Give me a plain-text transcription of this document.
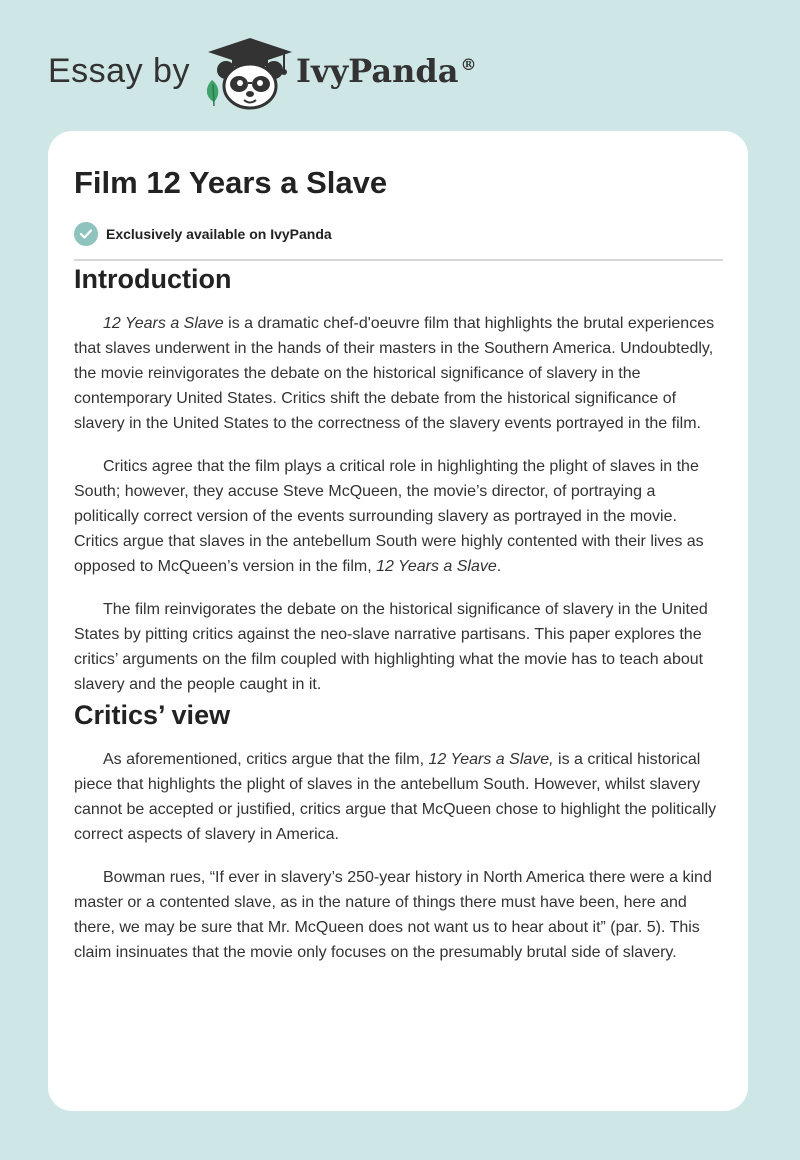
Essay by	IvyPanda ®
Film 12 Years a Slave
Exclusively available on IvyPanda
Introduction

12 Years a Slave is a dramatic chef-d'oeuvre film that highlights the brutal experiences that slaves underwent in the hands of their masters in the Southern America. Undoubtedly, the movie reinvigorates the debate on the historical significance of slavery in the contemporary United States. Critics shift the debate from the historical significance of slavery in the United States to the correctness of the slavery events portrayed in the film.

Critics agree that the film plays a critical role in highlighting the plight of slaves in the South; however, they accuse Steve McQueen, the movie’s director, of portraying a politically correct version of the events surrounding slavery as portrayed in the movie. Critics argue that slaves in the antebellum South were highly contented with their lives as opposed to McQueen’s version in the film, 12 Years a Slave.

The film reinvigorates the debate on the historical significance of slavery in the United States by pitting critics against the neo-slave narrative partisans. This paper explores the critics’ arguments on the film coupled with highlighting what the movie has to teach about slavery and the people caught in it.

Critics’ view

As aforementioned, critics argue that the film, 12 Years a Slave, is a critical historical piece that highlights the plight of slaves in the antebellum South. However, whilst slavery cannot be accepted or justified, critics argue that McQueen chose to highlight the politically correct aspects of slavery in America.

Bowman rues, “If ever in slavery’s 250-year history in North America there were a kind master or a contented slave, as in the nature of things there must have been, here and there, we may be sure that Mr. McQueen does not want us to hear about it” (par. 5). This claim insinuates that the movie only focuses on the presumably brutal side of slavery.
